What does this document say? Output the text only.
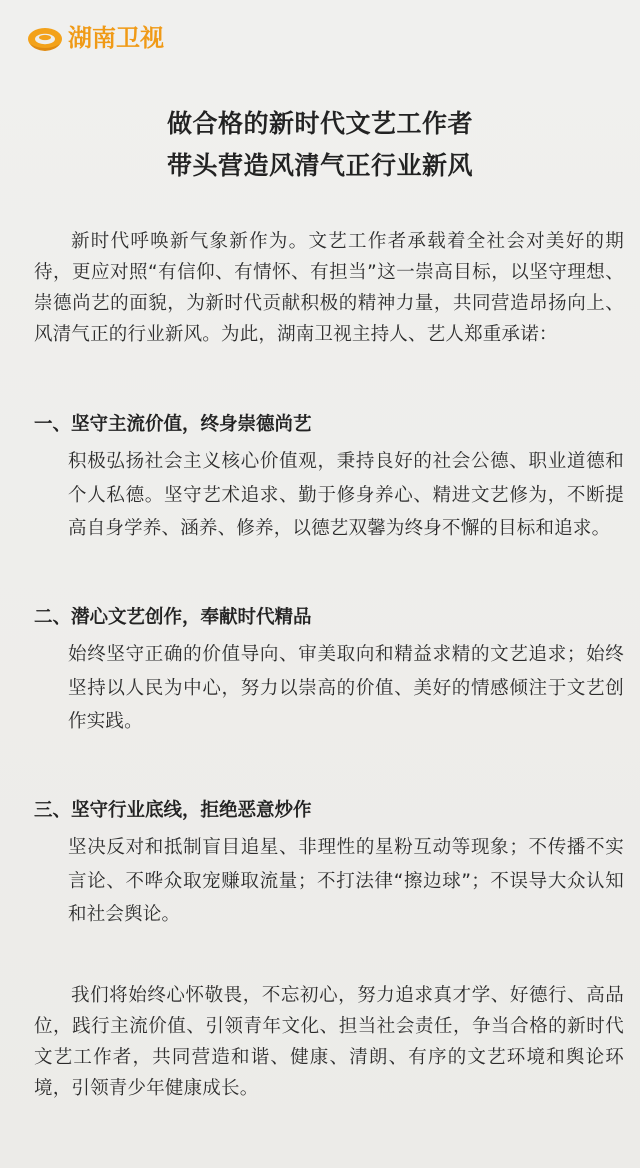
湖南卫视
做合格的新时代文艺工作者
带头营造风清气正行业新风
新时代呼唤新气象新作为。文艺工作者承载着全社会对美好的期待，更应对照“有信仰、有情怀、有担当”这一崇高目标，以坚守理想、崇德尚艺的面貌，为新时代贡献积极的精神力量，共同营造昂扬向上、风清气正的行业新风。为此，湖南卫视主持人、艺人郑重承诺：
一、坚守主流价值，终身崇德尚艺
积极弘扬社会主义核心价值观，秉持良好的社会公德、职业道德和个人私德。坚守艺术追求、勤于修身养心、精进文艺修为，不断提高自身学养、涵养、修养，以德艺双馨为终身不懈的目标和追求。
二、潜心文艺创作，奉献时代精品
始终坚守正确的价值导向、审美取向和精益求精的文艺追求；始终坚持以人民为中心，努力以崇高的价值、美好的情感倾注于文艺创作实践。
三、坚守行业底线，拒绝恶意炒作
坚决反对和抵制盲目追星、非理性的星粉互动等现象；不传播不实言论、不哗众取宠赚取流量；不打法律“擦边球”；不误导大众认知和社会舆论。
我们将始终心怀敬畏，不忘初心，努力追求真才学、好德行、高品位，践行主流价值、引领青年文化、担当社会责任，争当合格的新时代文艺工作者，共同营造和谐、健康、清朗、有序的文艺环境和舆论环境，引领青少年健康成长。
